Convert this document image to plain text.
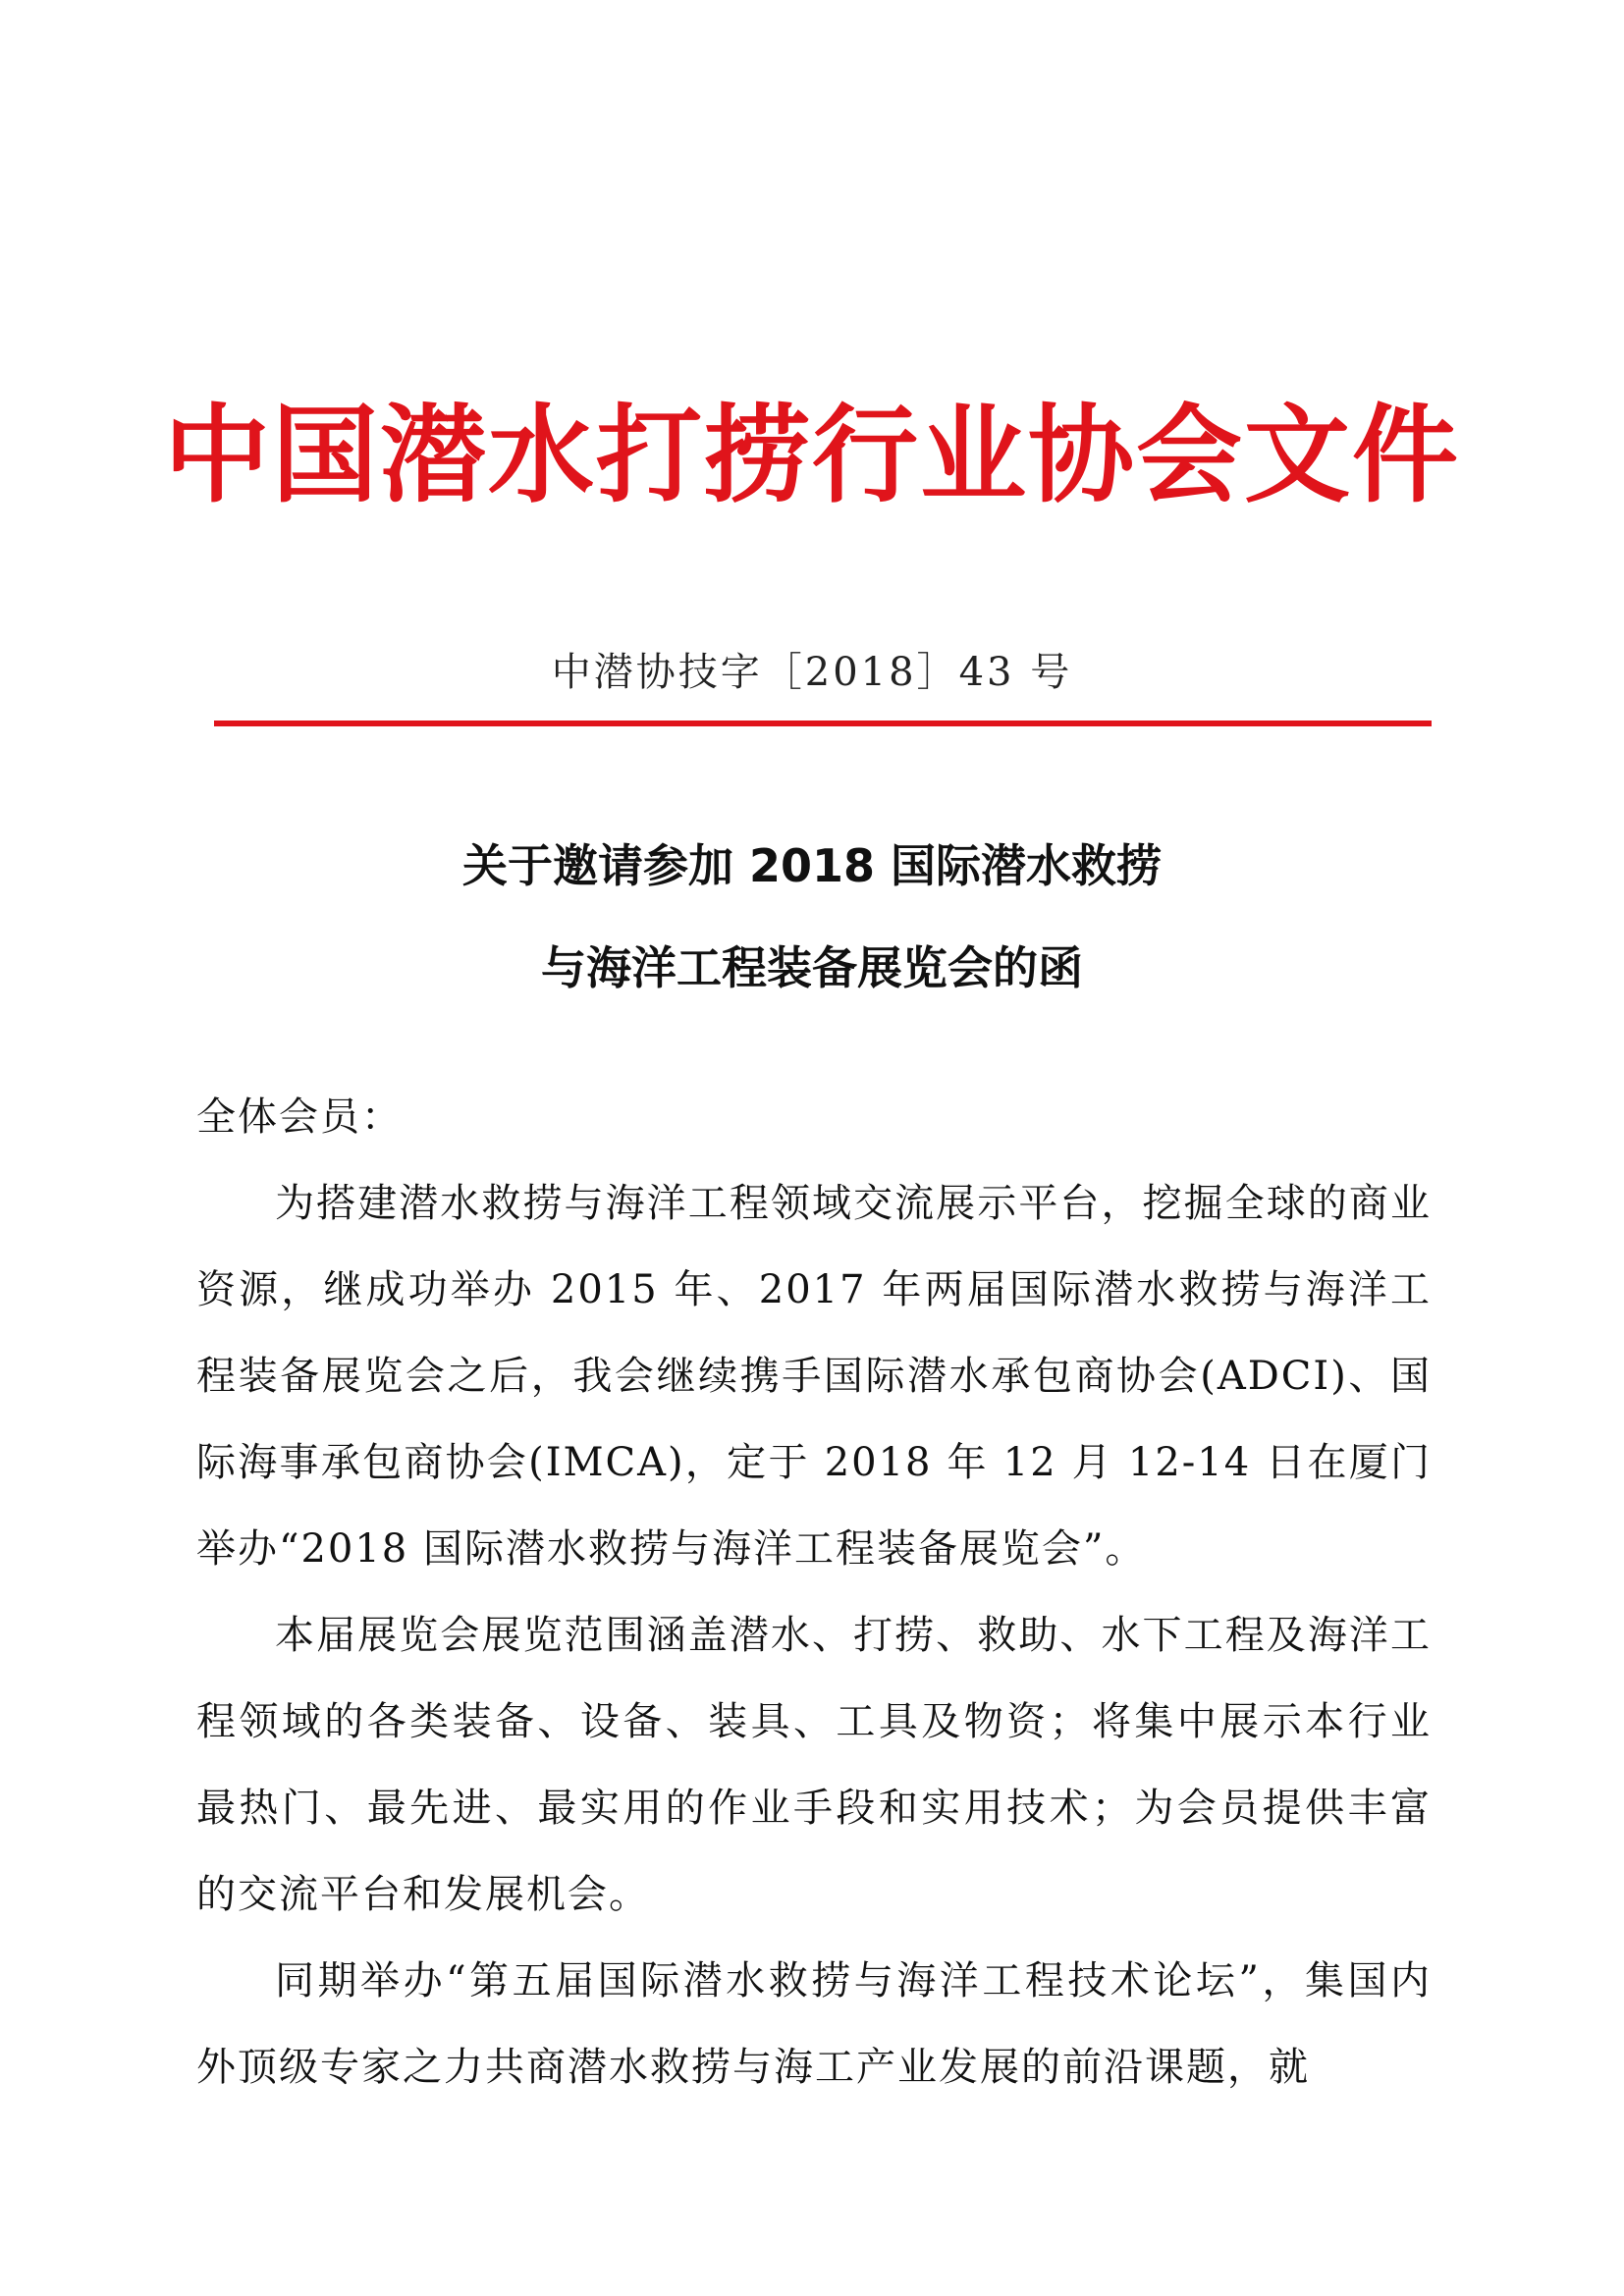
中国潜水打捞行业协会文件
中潜协技字［2018］43 号
关于邀请参加 2018 国际潜水救捞
与海洋工程装备展览会的函

全体会员：

为搭建潜水救捞与海洋工程领域交流展示平台，挖掘全球的商业资源，继成功举办 2015 年、2017 年两届国际潜水救捞与海洋工程装备展览会之后，我会继续携手国际潜水承包商协会(ADCI)、国际海事承包商协会(IMCA)，定于 2018 年 12 月 12-14 日在厦门举办“2018 国际潜水救捞与海洋工程装备展览会”。

本届展览会展览范围涵盖潜水、打捞、救助、水下工程及海洋工程领域的各类装备、设备、装具、工具及物资；将集中展示本行业最热门、最先进、最实用的作业手段和实用技术；为会员提供丰富的交流平台和发展机会。

同期举办“第五届国际潜水救捞与海洋工程技术论坛”，集国内外顶级专家之力共商潜水救捞与海工产业发展的前沿课题，就
